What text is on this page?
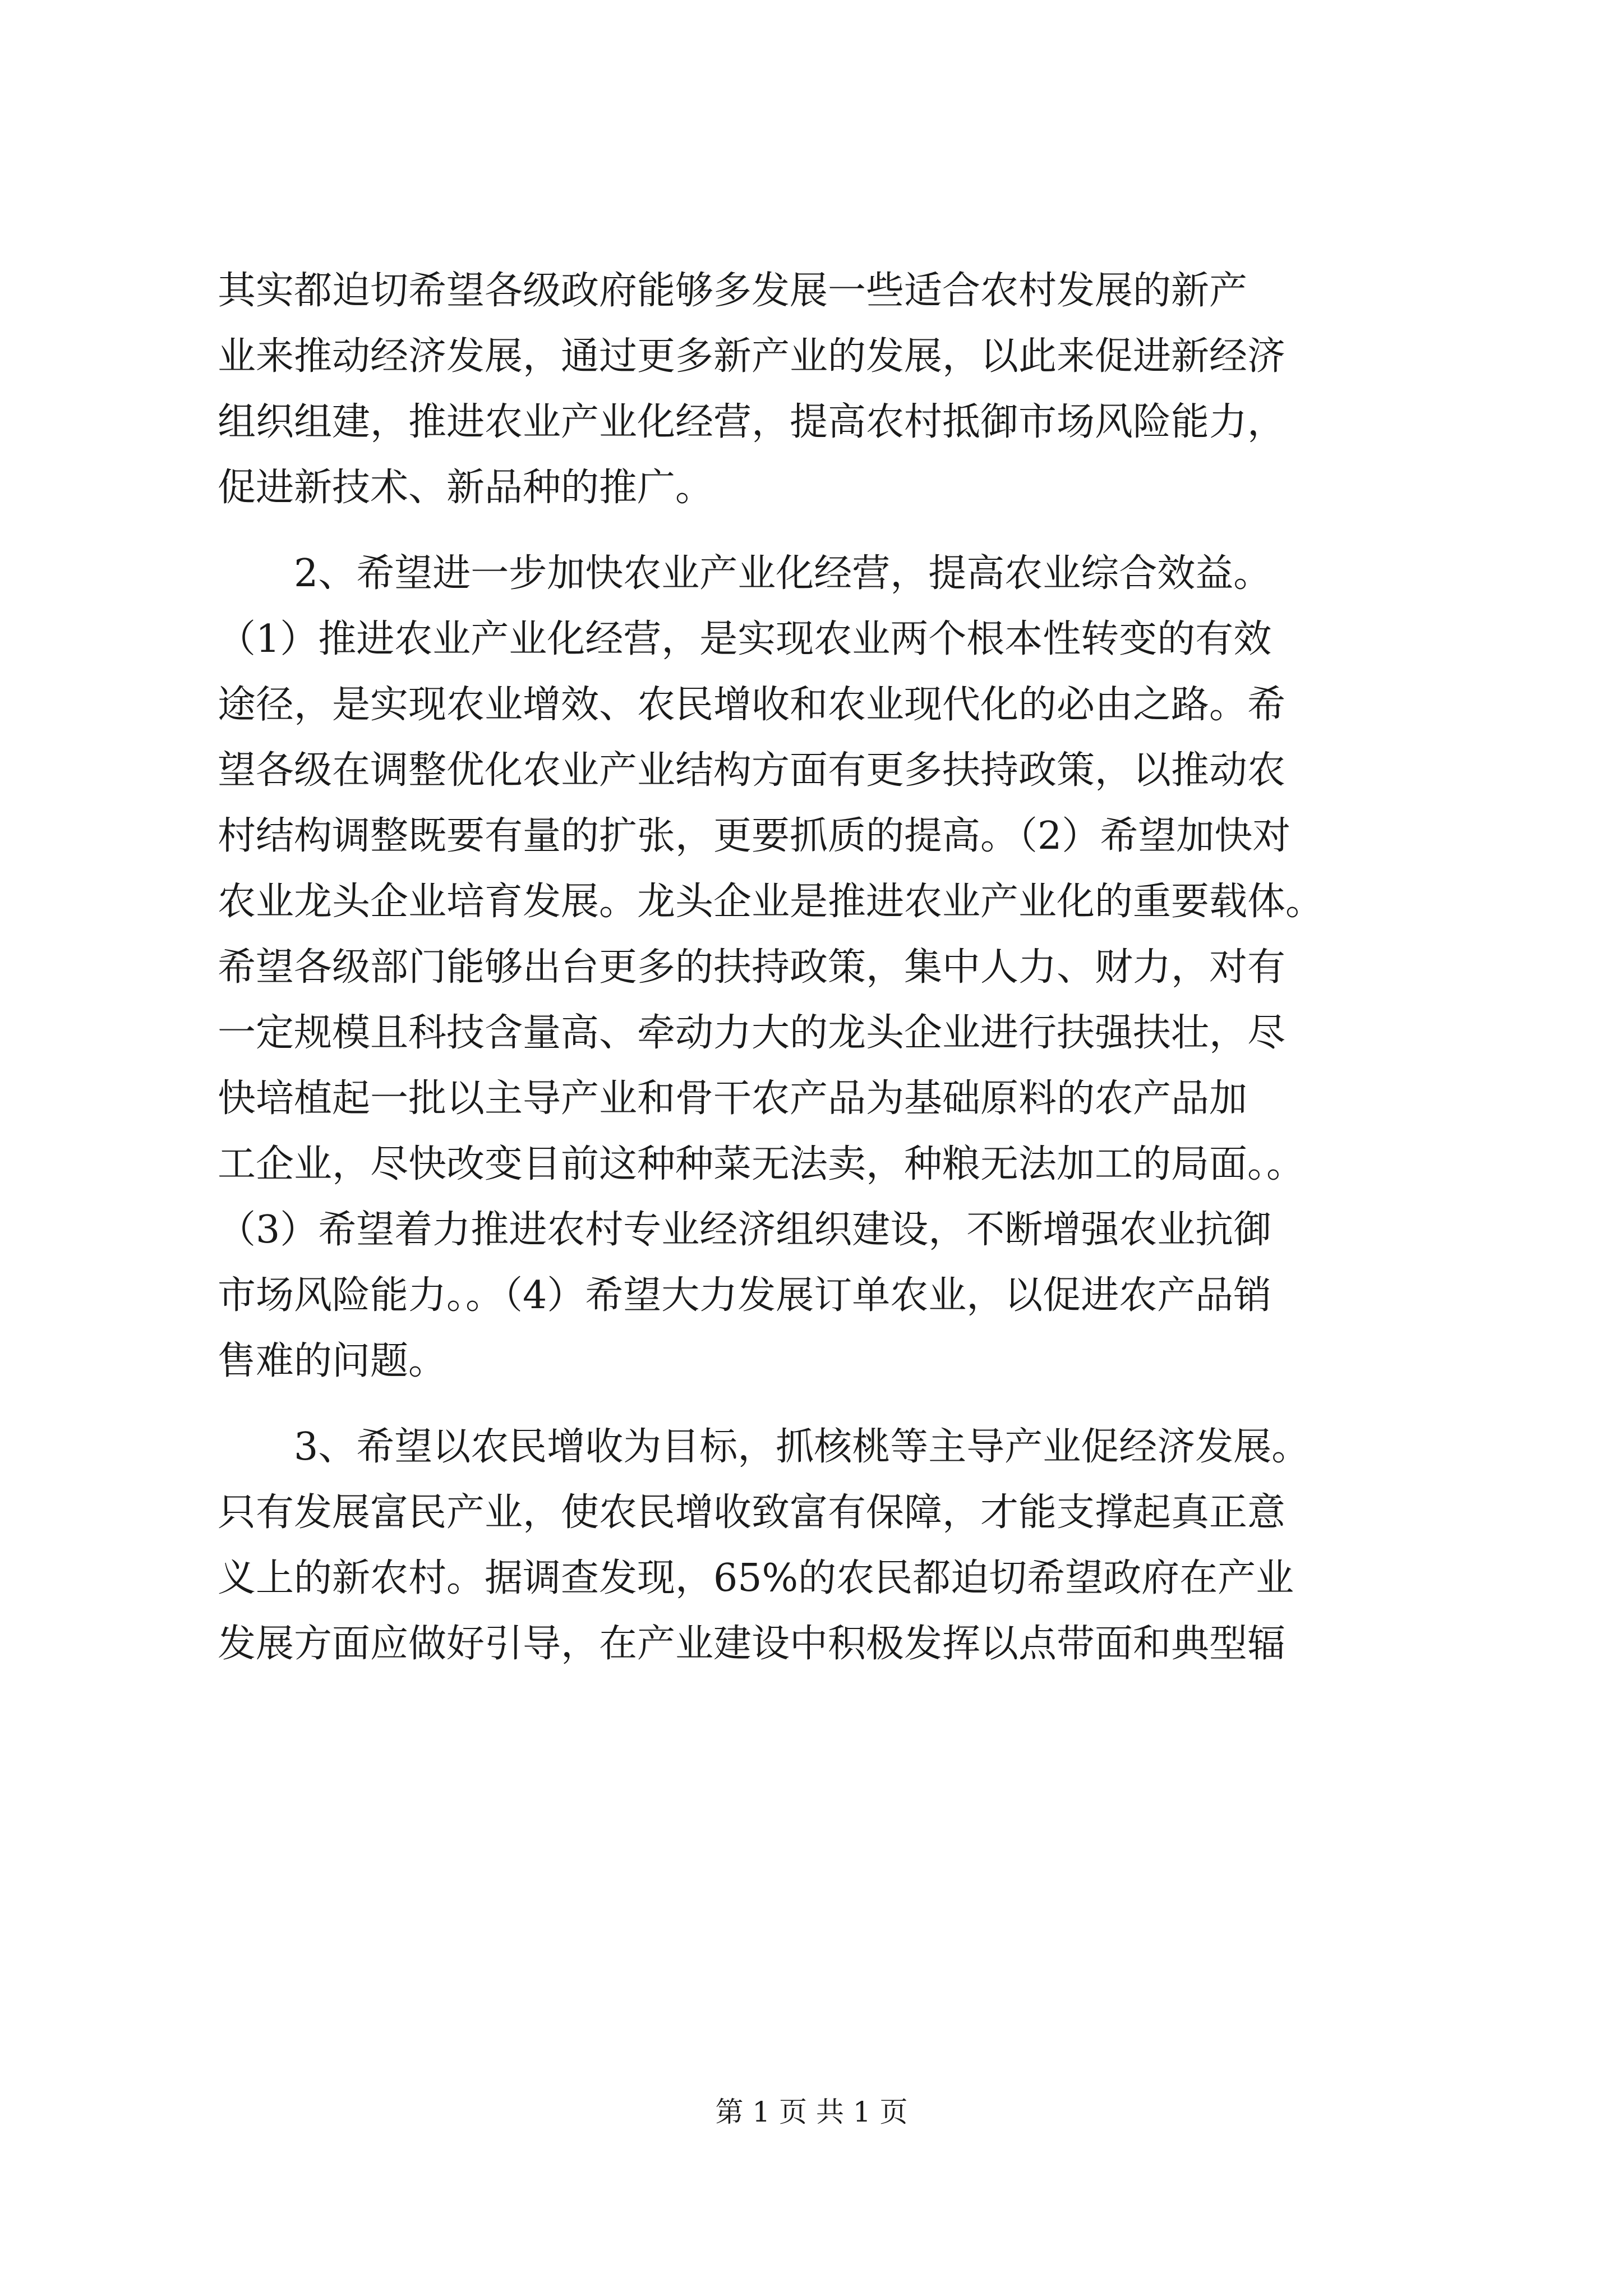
其实都迫切希望各级政府能够多发展一些适合农村发展的新产
业来推动经济发展，通过更多新产业的发展，以此来促进新经济
组织组建，推进农业产业化经营，提高农村抵御市场风险能力，
促进新技术、新品种的推广。
　　2、希望进一步加快农业产业化经营，提高农业综合效益。
（1）推进农业产业化经营，是实现农业两个根本性转变的有效
途径，是实现农业增效、农民增收和农业现代化的必由之路。希
望各级在调整优化农业产业结构方面有更多扶持政策，以推动农
村结构调整既要有量的扩张，更要抓质的提高。（2）希望加快对
农业龙头企业培育发展。龙头企业是推进农业产业化的重要载体。
希望各级部门能够出台更多的扶持政策，集中人力、财力，对有
一定规模且科技含量高、牵动力大的龙头企业进行扶强扶壮，尽
快培植起一批以主导产业和骨干农产品为基础原料的农产品加
工企业，尽快改变目前这种种菜无法卖，种粮无法加工的局面。。
（3）希望着力推进农村专业经济组织建设，不断增强农业抗御
市场风险能力。。（4）希望大力发展订单农业，以促进农产品销
售难的问题。
　　3、希望以农民增收为目标，抓核桃等主导产业促经济发展。
只有发展富民产业，使农民增收致富有保障，才能支撑起真正意
义上的新农村。据调查发现，65%的农民都迫切希望政府在产业
发展方面应做好引导，在产业建设中积极发挥以点带面和典型辐
第 1 页 共 1 页
